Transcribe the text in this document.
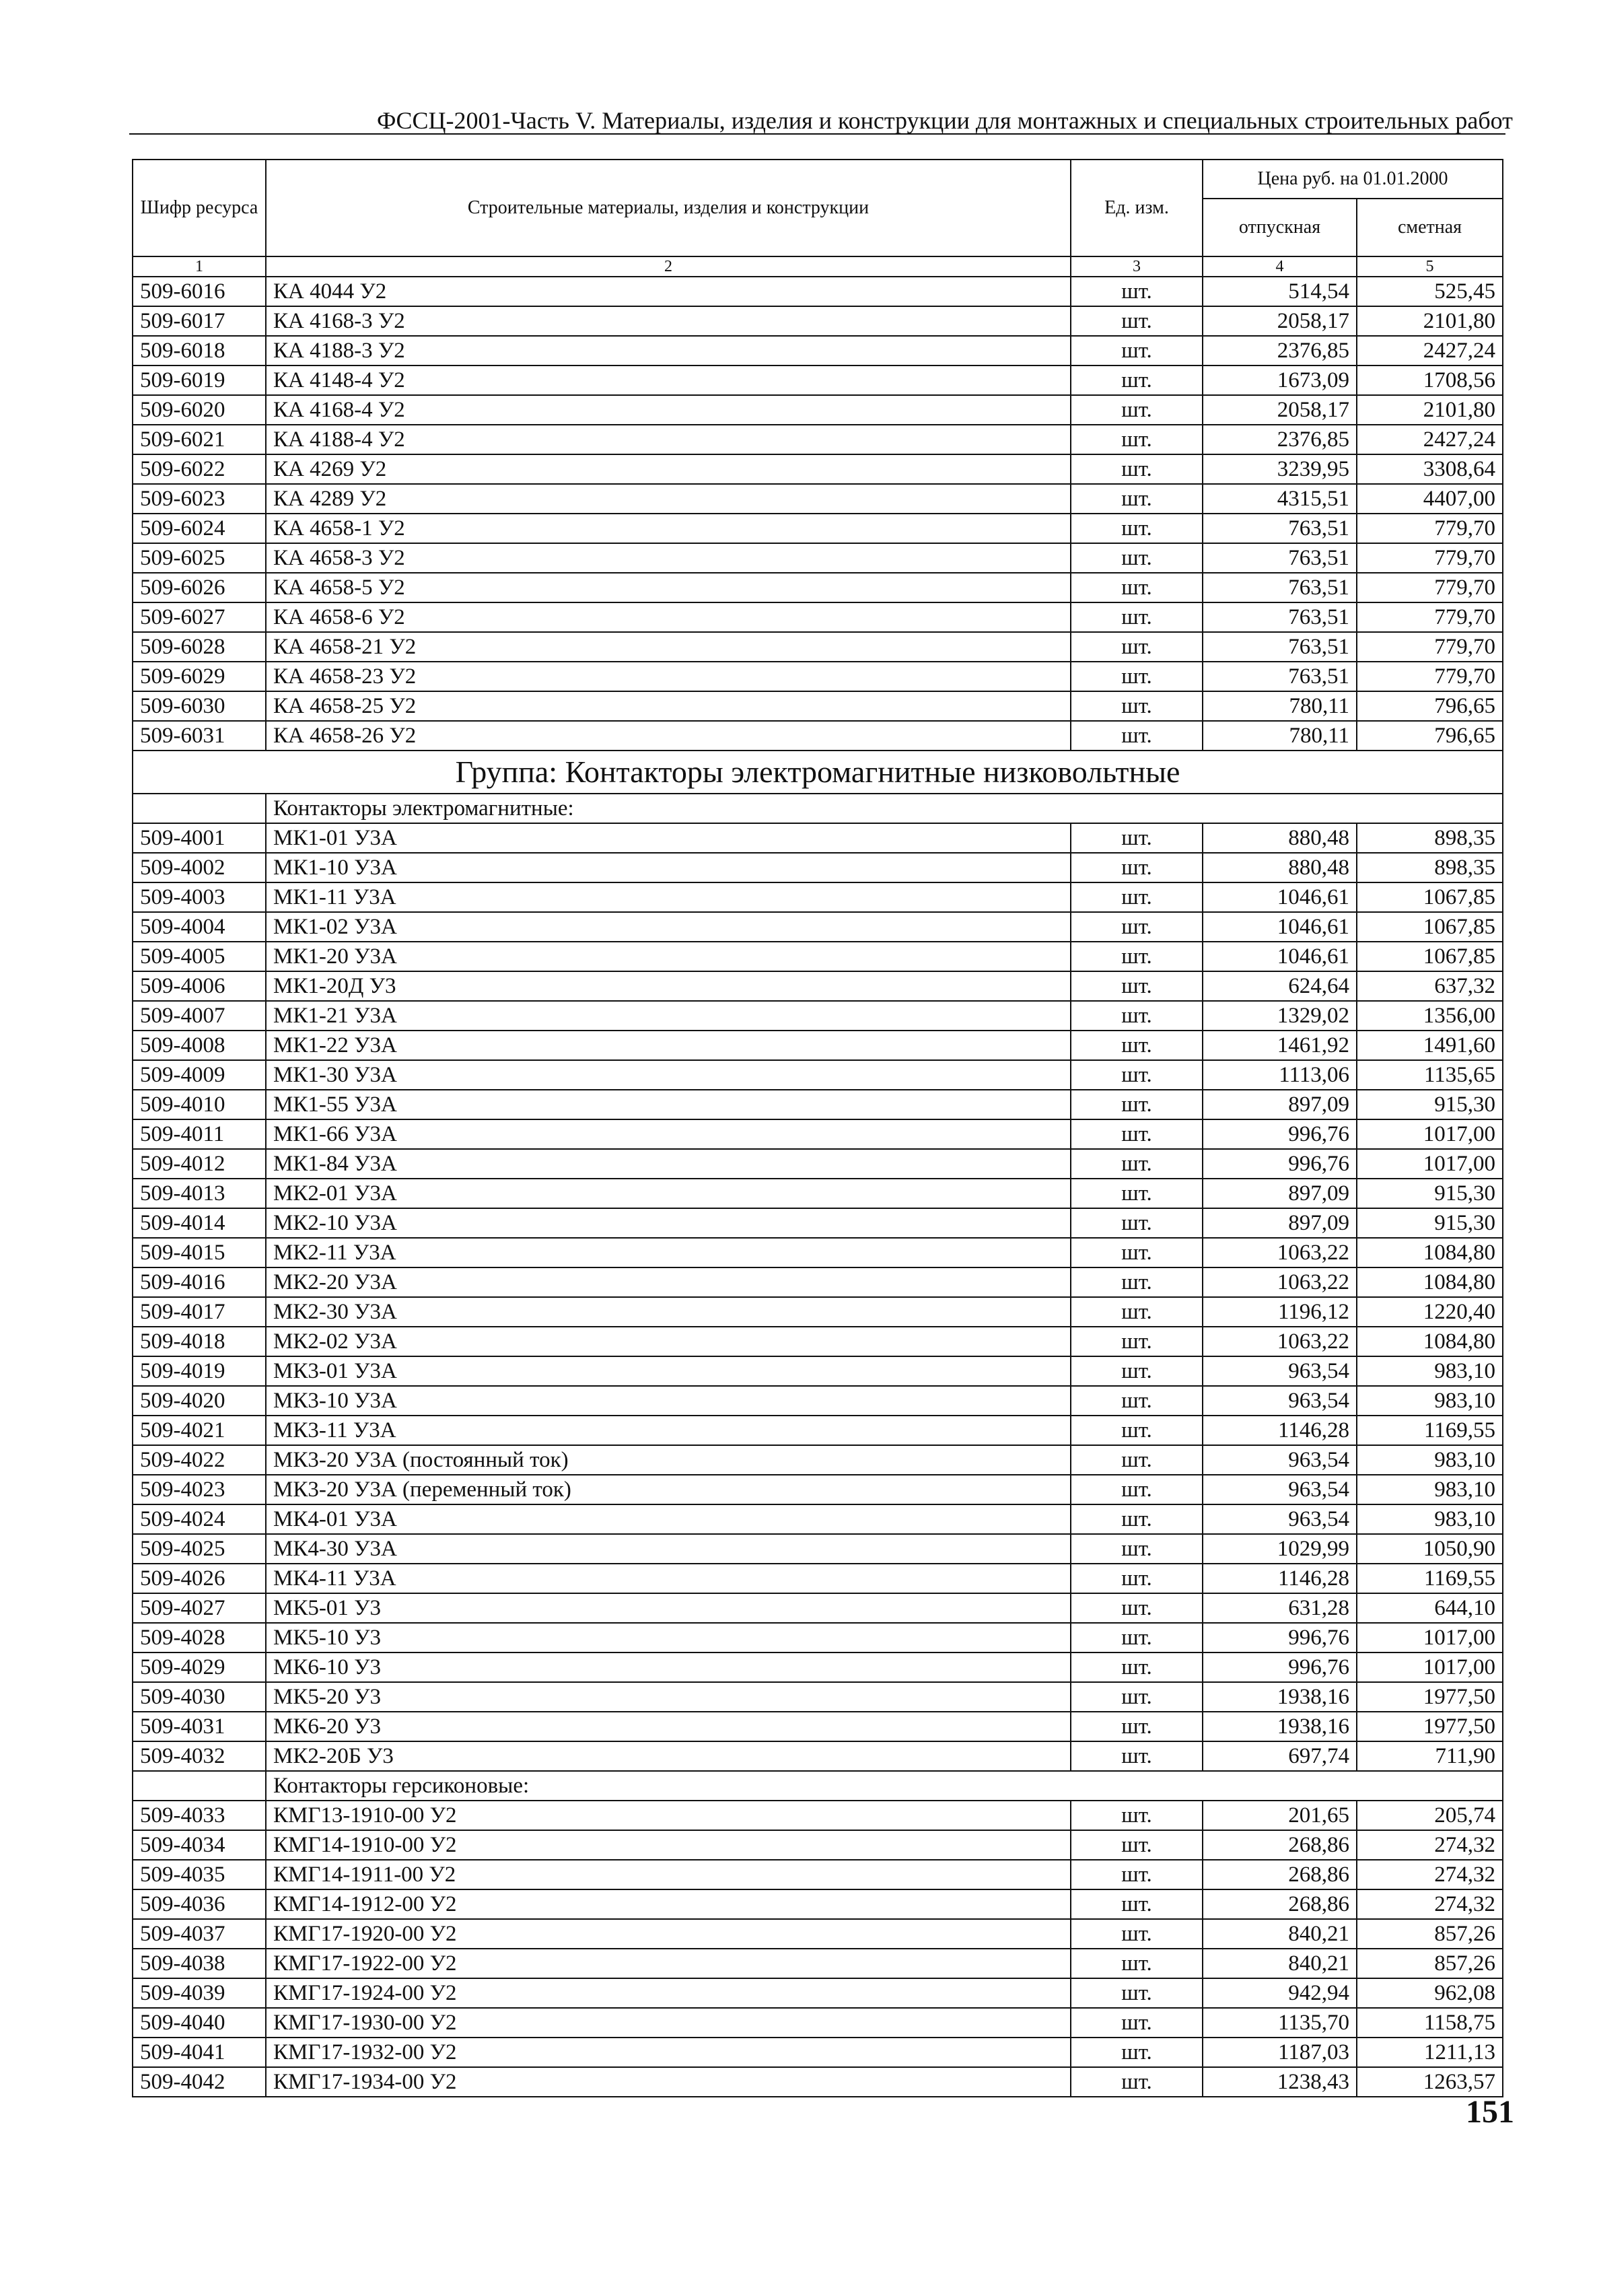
ФССЦ-2001-Часть V. Материалы, изделия и конструкции для монтажных и специальных строительных работ
Шифр ресурса	Строительные материалы, изделия и конструкции	Ед. изм.	Цена руб. на 01.01.2000	
			отпускная	сметная
1	2	3	4	5
509-6016	КА 4044 У2	шт.	514,54	525,45
509-6017	КА 4168-3 У2	шт.	2058,17	2101,80
509-6018	КА 4188-3 У2	шт.	2376,85	2427,24
509-6019	КА 4148-4 У2	шт.	1673,09	1708,56
509-6020	КА 4168-4 У2	шт.	2058,17	2101,80
509-6021	КА 4188-4 У2	шт.	2376,85	2427,24
509-6022	КА 4269 У2	шт.	3239,95	3308,64
509-6023	КА 4289 У2	шт.	4315,51	4407,00
509-6024	КА 4658-1 У2	шт.	763,51	779,70
509-6025	КА 4658-3 У2	шт.	763,51	779,70
509-6026	КА 4658-5 У2	шт.	763,51	779,70
509-6027	КА 4658-6 У2	шт.	763,51	779,70
509-6028	КА 4658-21 У2	шт.	763,51	779,70
509-6029	КА 4658-23 У2	шт.	763,51	779,70
509-6030	КА 4658-25 У2	шт.	780,11	796,65
509-6031	КА 4658-26 У2	шт.	780,11	796,65
Группа: Контакторы электромагнитные низковольтные				
	Контакторы электромагнитные:			
509-4001	МК1-01 У3А	шт.	880,48	898,35
509-4002	МК1-10 У3А	шт.	880,48	898,35
509-4003	МК1-11 У3А	шт.	1046,61	1067,85
509-4004	МК1-02 У3А	шт.	1046,61	1067,85
509-4005	МК1-20 У3А	шт.	1046,61	1067,85
509-4006	МК1-20Д У3	шт.	624,64	637,32
509-4007	МК1-21 У3А	шт.	1329,02	1356,00
509-4008	МК1-22 У3А	шт.	1461,92	1491,60
509-4009	МК1-30 У3А	шт.	1113,06	1135,65
509-4010	МК1-55 У3А	шт.	897,09	915,30
509-4011	МК1-66 У3А	шт.	996,76	1017,00
509-4012	МК1-84 У3А	шт.	996,76	1017,00
509-4013	МК2-01 У3А	шт.	897,09	915,30
509-4014	МК2-10 У3А	шт.	897,09	915,30
509-4015	МК2-11 У3А	шт.	1063,22	1084,80
509-4016	МК2-20 У3А	шт.	1063,22	1084,80
509-4017	МК2-30 У3А	шт.	1196,12	1220,40
509-4018	МК2-02 У3А	шт.	1063,22	1084,80
509-4019	МК3-01 У3А	шт.	963,54	983,10
509-4020	МК3-10 У3А	шт.	963,54	983,10
509-4021	МК3-11 У3А	шт.	1146,28	1169,55
509-4022	МК3-20 У3А (постоянный ток)	шт.	963,54	983,10
509-4023	МК3-20 У3А (переменный ток)	шт.	963,54	983,10
509-4024	МК4-01 У3А	шт.	963,54	983,10
509-4025	МК4-30 У3А	шт.	1029,99	1050,90
509-4026	МК4-11 У3А	шт.	1146,28	1169,55
509-4027	МК5-01 У3	шт.	631,28	644,10
509-4028	МК5-10 У3	шт.	996,76	1017,00
509-4029	МК6-10 У3	шт.	996,76	1017,00
509-4030	МК5-20 У3	шт.	1938,16	1977,50
509-4031	МК6-20 У3	шт.	1938,16	1977,50
509-4032	МК2-20Б У3	шт.	697,74	711,90
	Контакторы герсиконовые:			
509-4033	КМГ13-1910-00 У2	шт.	201,65	205,74
509-4034	КМГ14-1910-00 У2	шт.	268,86	274,32
509-4035	КМГ14-1911-00 У2	шт.	268,86	274,32
509-4036	КМГ14-1912-00 У2	шт.	268,86	274,32
509-4037	КМГ17-1920-00 У2	шт.	840,21	857,26
509-4038	КМГ17-1922-00 У2	шт.	840,21	857,26
509-4039	КМГ17-1924-00 У2	шт.	942,94	962,08
509-4040	КМГ17-1930-00 У2	шт.	1135,70	1158,75
509-4041	КМГ17-1932-00 У2	шт.	1187,03	1211,13
509-4042	КМГ17-1934-00 У2	шт.	1238,43	1263,57
151
